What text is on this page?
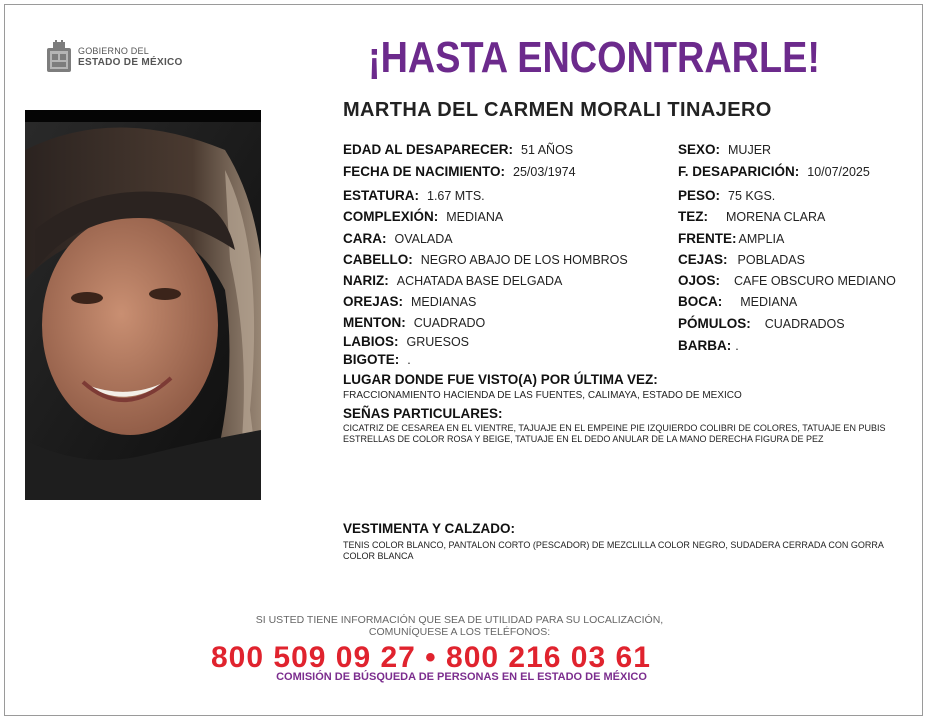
GOBIERNO DEL
ESTADO DE MÉXICO	¡HASTA ENCONTRARLE!
MARTHA DEL CARMEN MORALI TINAJERO
EDAD AL DESAPARECER: 51 AÑOS
FECHA DE NACIMIENTO: 25/03/1974
ESTATURA: 1.67 MTS.
COMPLEXIÓN: MEDIANA
CARA: OVALADA
CABELLO: NEGRO ABAJO DE LOS HOMBROS
NARIZ: ACHATADA BASE DELGADA
OREJAS: MEDIANAS
MENTON: CUADRADO
LABIOS: GRUESOS
BIGOTE: .
SEXO: MUJER
F. DESAPARICIÓN: 10/07/2025
PESO: 75 KGS.
TEZ: MORENA CLARA
FRENTE: AMPLIA
CEJAS: POBLADAS
OJOS: CAFE OBSCURO MEDIANO
BOCA: MEDIANA
PÓMULOS: CUADRADOS
BARBA: .
LUGAR DONDE FUE VISTO(A) POR ÚLTIMA VEZ:
FRACCIONAMIENTO HACIENDA DE LAS FUENTES, CALIMAYA, ESTADO DE MEXICO
SEÑAS PARTICULARES:
CICATRIZ DE CESAREA EN EL VIENTRE, TAJUAJE EN EL EMPEINE PIE IZQUIERDO COLIBRI DE COLORES, TATUAJE EN PUBIS ESTRELLAS DE COLOR ROSA Y BEIGE, TATUAJE EN EL DEDO ANULAR DE LA MANO DERECHA FIGURA DE PEZ
VESTIMENTA Y CALZADO:
TENIS COLOR BLANCO, PANTALON CORTO (PESCADOR) DE MEZCLILLA COLOR NEGRO, SUDADERA CERRADA CON GORRA COLOR BLANCA
SI USTED TIENE INFORMACIÓN QUE SEA DE UTILIDAD PARA SU LOCALIZACIÓN,
COMUNÍQUESE A LOS TELÉFONOS:
800 509 09 27 • 800 216 03 61
COMISIÓN DE BÚSQUEDA DE PERSONAS EN EL ESTADO DE MÉXICO
